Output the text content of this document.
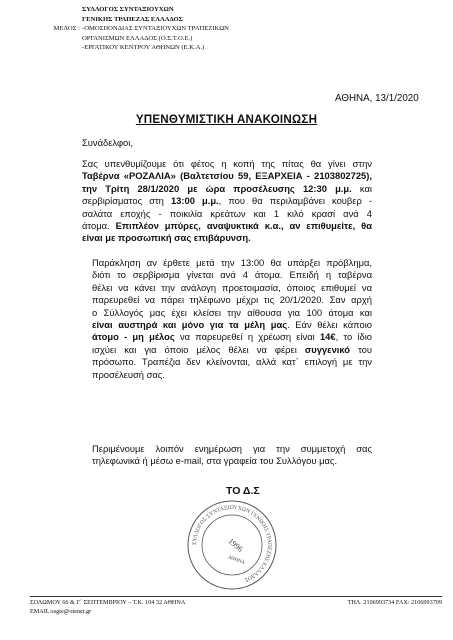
ΣΥΛΛΟΓΟΣ ΣΥΝΤΑΞΙΟΥΧΩΝ
ΓΕΝΙΚΗΣ ΤΡΑΠΕΖΑΣ ΕΛΛΑΔΟΣ
ΜΕΛΟΣ : -ΟΜΟΣΠΟΝΔΙΑΣ ΣΥΝΤΑΞΙΟΥΧΩΝ ΤΡΑΠΕΖΙΚΩΝ
ΟΡΓΑΝΙΣΜΩΝ ΕΛΛΑΔΟΣ (Ο.Σ.Τ.Ο.Ε.)
-ΕΡΓΑΤΙΚΟΥ ΚΕΝΤΡΟΥ ΑΘΗΝΩΝ (Ε.Κ.Α.)
ΑΘΗΝΑ, 13/1/2020
ΥΠΕΝΘΥΜΙΣΤΙΚΗ ΑΝΑΚΟΙΝΩΣΗ
Συνάδελφοι,
Σας υπενθυμίζουμε ότι φέτος η κοπή της πίτας θα γίνει στην
Ταβέρνα «ΡΟΖΑΛΙΑ» (Βαλτετσίου 59, ΕΞΑΡΧΕΙΑ - 2103802725),
την Τρίτη 28/1/2020 με ώρα προσέλευσης 12:30 μ.μ. και
σερβιρίσματος στη 13:00 μ.μ., που θα περιλαμβάνει κουβερ -
σαλάτα εποχής - ποικιλία κρεάτων και 1 κιλό κρασί ανά 4
άτομα. Επιπλέον μπύρες, αναψυκτικά κ.α., αν επιθυμείτε, θα
είναι με προσωπική σας επιβάρυνση.
Παράκληση αν έρθετε μετά την 13:00 θα υπάρξει πρόβλημα,
διότι το σερβίρισμα γίνεται ανά 4 άτομα. Επειδή η ταβέρνα
θέλει να κάνει την ανάλογη προετοιμασία, όποιος επιθυμεί να
παρευρεθεί να πάρει τηλέφωνο μέχρι τις 20/1/2020. Σαν αρχή
ο Σύλλογός μας έχει κλείσει την αίθουσα για 100 άτομα και
είναι αυστηρά και μόνο για τα μέλη μας. Εάν θέλει κάποιο
άτομο - μη μέλος να παρευρεθεί η χρέωση είναι 14€, το ίδιο
ισχύει και για όποιο μέλος θέλει να φέρει συγγενικό του
πρόσωπο. Τραπέζια δεν κλείνονται, αλλά κατ΄ επιλογή με την
προσέλευσή σας.
Περιμένουμε λοιπόν ενημέρωση για την συμμετοχή σας
τηλεφωνικά ή μέσω e-mail, στα γραφεία του Συλλόγου μας.
ΤΟ Δ.Σ
ΣΥΛΛΟΓΟΣ ΣΥΝΤΑΞΙΟΥΧΩΝ ΓΕΝΙΚΗΣ ΤΡΑΠΕΖΗΣ ΕΛΛΑΔΟΣ
1996
ΑΘΗΝΑ
ΣΟΛΩΜΟΥ 66 & Γ΄ ΣΕΠΤΕΜΒΡΙΟΥ – Τ.Κ. 104 32 ΑΘΗΝΑ	ΤΗΛ. 2106993734 FAX: 2106993709
EMAIL:ssgte@otenet.gr
